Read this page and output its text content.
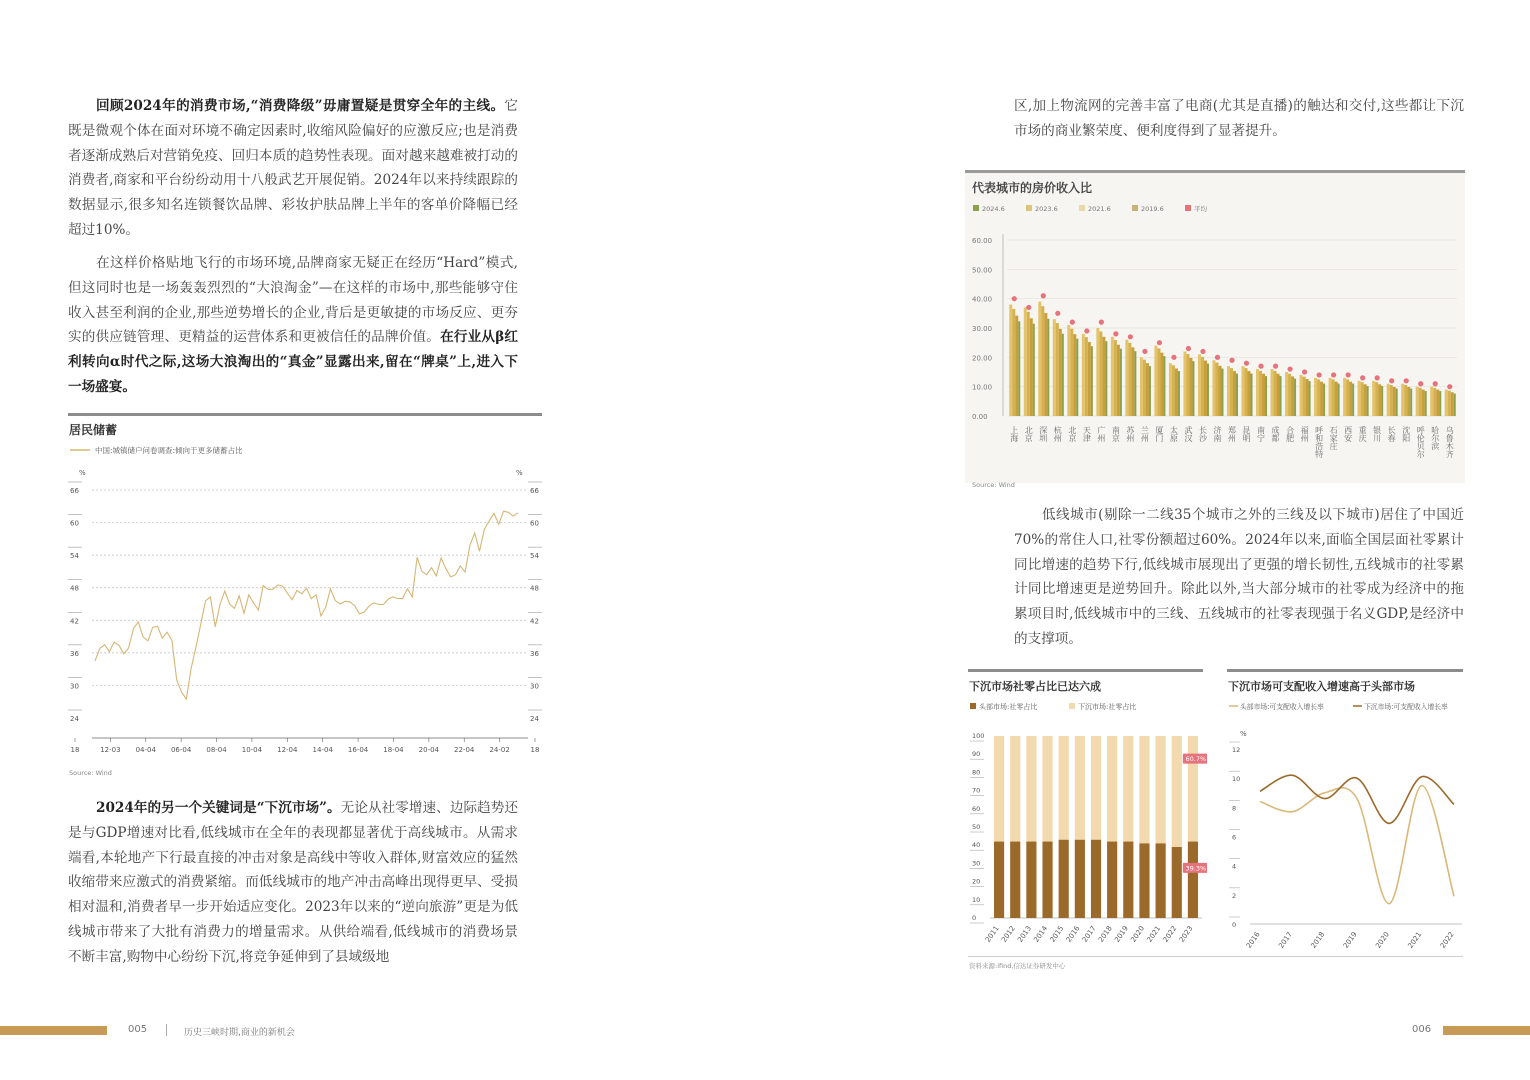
回顾2024年的消费市场,“消费降级”毋庸置疑是贯穿全年的主线。它既是微观个体在面对环境不确定因素时,收缩风险偏好的应激反应;也是消费者逐渐成熟后对营销免疫、回归本质的趋势性表现。面对越来越难被打动的消费者,商家和平台纷纷动用十八般武艺开展促销。2024年以来持续跟踪的数据显示,很多知名连锁餐饮品牌、彩妆护肤品牌上半年的客单价降幅已经超过10%。

在这样价格贴地飞行的市场环境,品牌商家无疑正在经历“Hard”模式,但这同时也是一场轰轰烈烈的“大浪淘金”—在这样的市场中,那些能够守住收入甚至利润的企业,那些逆势增长的企业,背后是更敏捷的市场反应、更夯实的供应链管理、更精益的运营体系和更被信任的品牌价值。在行业从β红利转向α时代之际,这场大浪淘出的“真金”显露出来,留在“牌桌”上,进入下一场盛宴。

居民储蓄
中国:城镇储户问卷调查:倾向于更多储蓄占比
%	%
24	24
30	30
36	36
42	42
48	48
54	54
60	60
66	66
18	12-03 04-04 06-04 08-04 10-04 12-04 14-04 16-04 18-04 20-04 22-04 24-02	18
Source: Wind

2024年的另一个关键词是“下沉市场”。无论从社零增速、边际趋势还是与GDP增速对比看,低线城市在全年的表现都显著优于高线城市。从需求端看,本轮地产下行最直接的冲击对象是高线中等收入群体,财富效应的猛然收缩带来应激式的消费紧缩。而低线城市的地产冲击高峰出现得更早、受损相对温和,消费者早一步开始适应变化。2023年以来的“逆向旅游”更是为低线城市带来了大批有消费力的增量需求。从供给端看,低线城市的消费场景不断丰富,购物中心纷纷下沉,将竞争延伸到了县域级地

区,加上物流网的完善丰富了电商(尤其是直播)的触达和交付,这些都让下沉市场的商业繁荣度、便利度得到了显著提升。

代表城市的房价收入比
2024.6	2023.6	2021.6	2019.6	平均
0.00
10.00
20.00
30.00
40.00
50.00
60.00
上海 北京 深圳 杭州 北京 天津 广州 南京 苏州 兰州 厦门 太原 武汉 长沙 济南 郑州 昆明 南宁 成都 合肥 福州 呼和浩特 石家庄 西安 重庆 银川 长春 沈阳 呼伦贝尔 哈尔滨 乌鲁木齐
Source: Wind

低线城市(剔除一二线35个城市之外的三线及以下城市)居住了中国近70%的常住人口,社零份额超过60%。2024年以来,面临全国层面社零累计同比增速的趋势下行,低线城市展现出了更强的增长韧性,五线城市的社零累计同比增速更是逆势回升。除此以外,当大部分城市的社零成为经济中的拖累项目时,低线城市中的三线、五线城市的社零表现强于名义GDP,是经济中的支撑项。

下沉市场社零占比已达六成
头部市场:社零占比	下沉市场:社零占比
0
10
20
30
40
50
60
70
80
90
100
2011 2012 2013 2014 2015 2016 2017 2018 2019 2020 2021 2022 2023
60.7%
39.3%
下沉市场可支配收入增速高于头部市场
头部市场:可支配收入增长率	下沉市场:可支配收入增长率
%
0
2
4
6
8
10
12
2016 2017 2018 2019 2020 2021 2022
资料来源:ifind,信达证券研发中心
005	历史三峡时期,商业的新机会	006
